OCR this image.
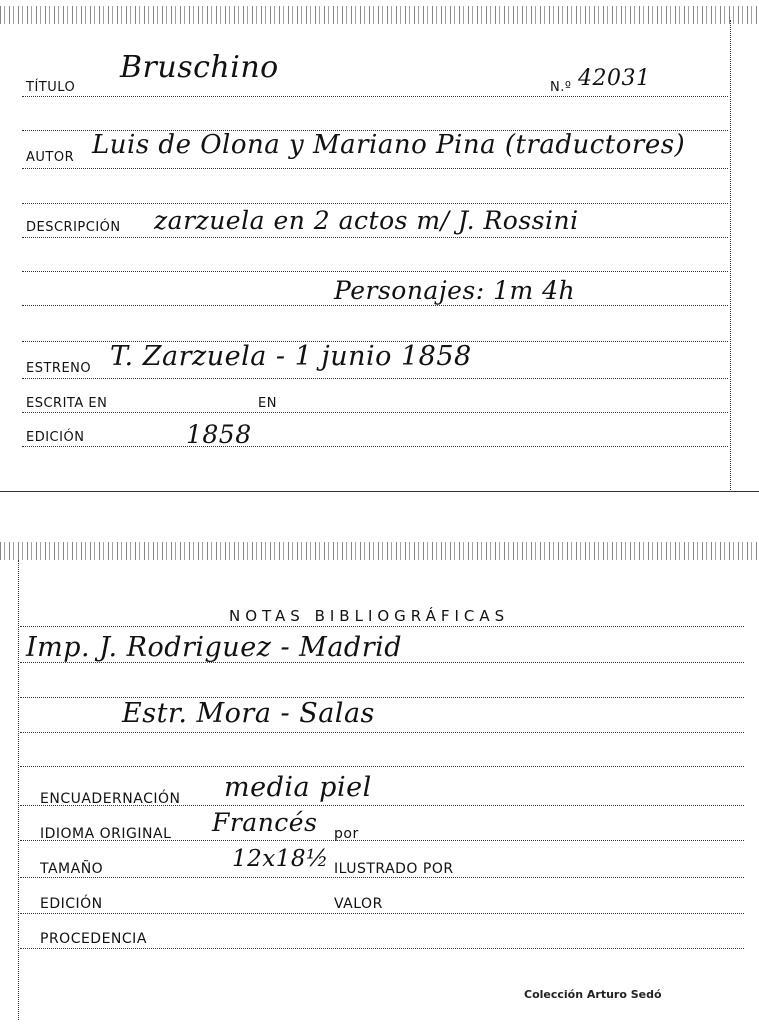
TÍTULO
Bruschino
N.º 42031
AUTOR Luis de Olona y Mariano Pina (traductores)
DESCRIPCIÓN zarzuela en 2 actos m/ J. Rossini
Personajes: 1m 4h
ESTRENO T. Zarzuela - 1 junio 1858
ESCRITA EN	EN
EDICIÓN	1858
NOTAS BIBLIOGRÁFICAS
Imp. J. Rodriguez - Madrid
Estr. Mora - Salas
ENCUADERNACIÓN media piel
IDIOMA ORIGINAL Francés por
TAMAÑO	12x18½ ILUSTRADO POR
EDICIÓN	VALOR
PROCEDENCIA
Colección Arturo Sedó
